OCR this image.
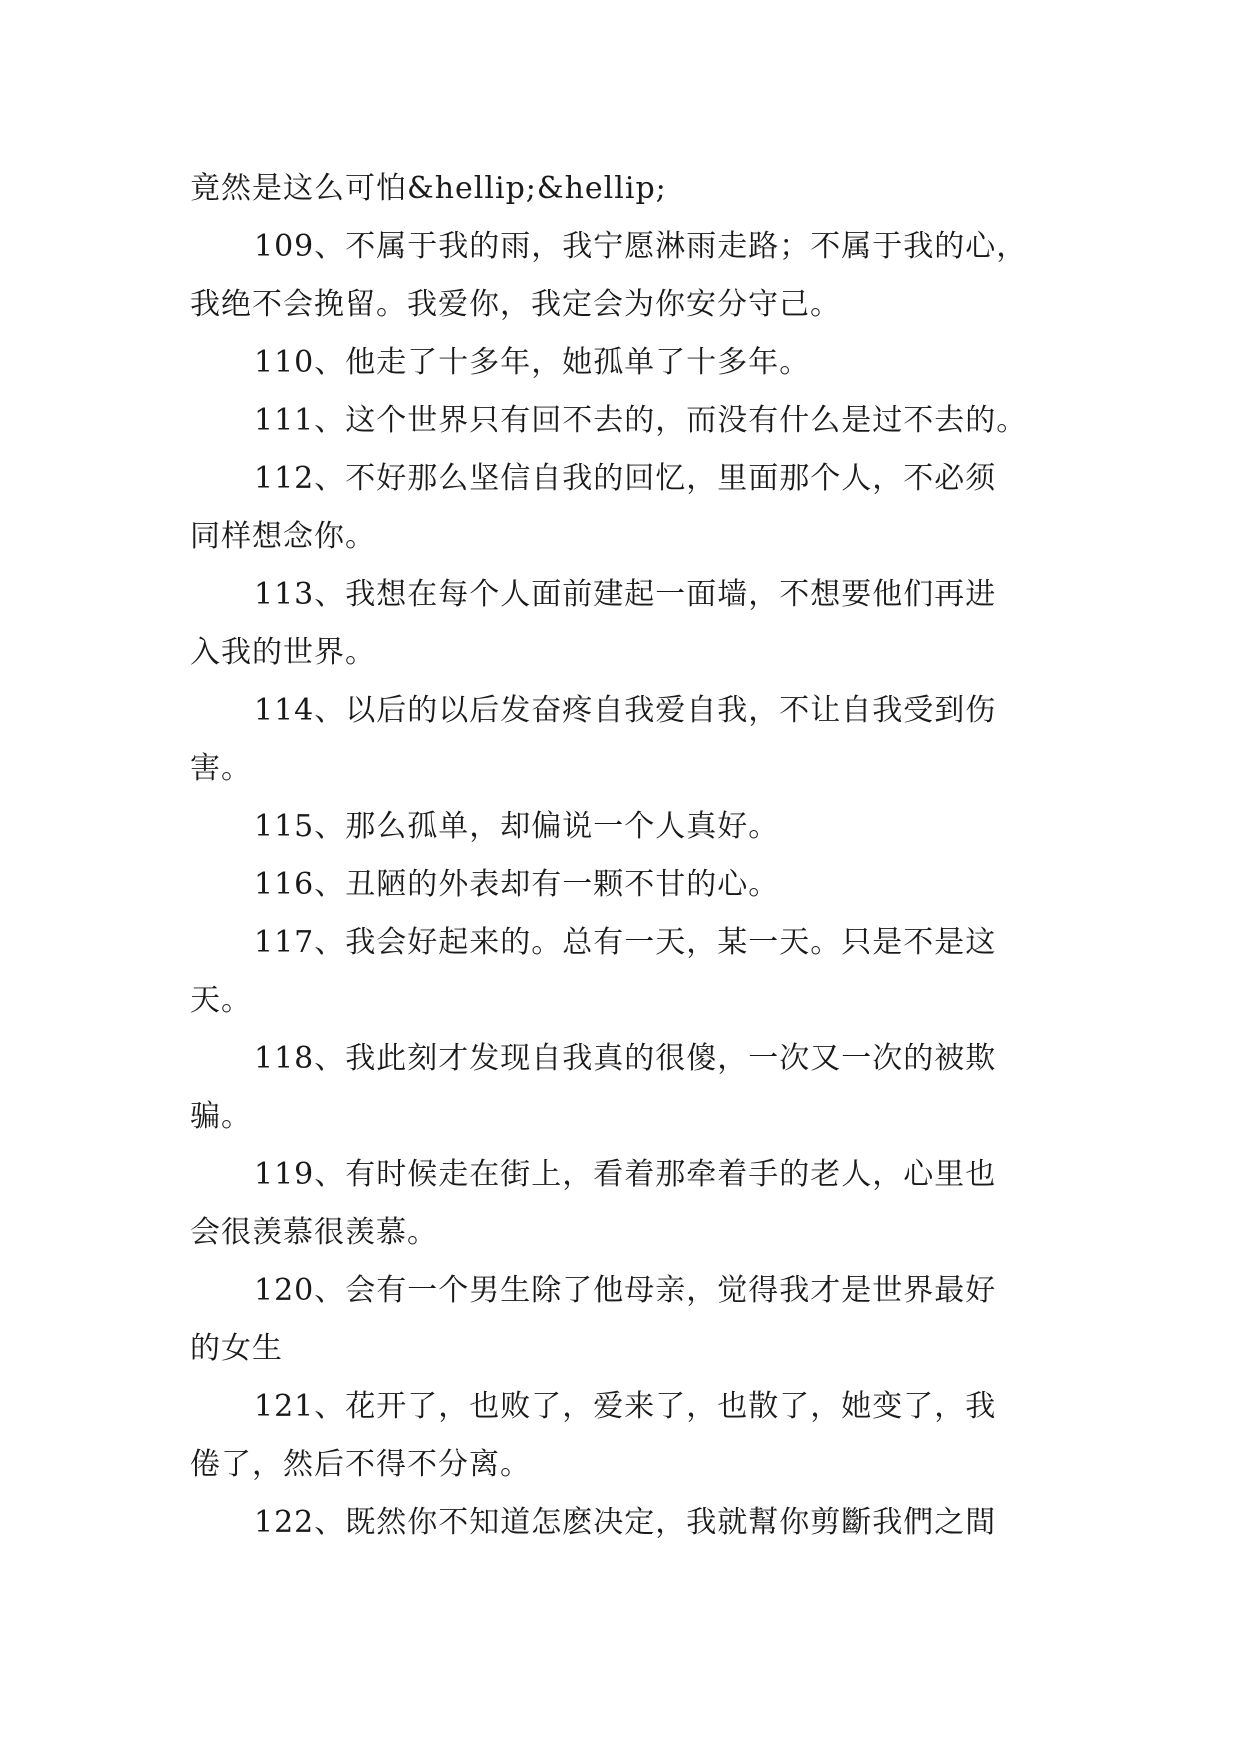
竟然是这么可怕&hellip;&hellip;
109、不属于我的雨，我宁愿淋雨走路；不属于我的心，
我绝不会挽留。我爱你，我定会为你安分守己。
110、他走了十多年，她孤单了十多年。
111、这个世界只有回不去的，而没有什么是过不去的。
112、不好那么坚信自我的回忆，里面那个人，不必须
同样想念你。
113、我想在每个人面前建起一面墙，不想要他们再进
入我的世界。
114、以后的以后发奋疼自我爱自我，不让自我受到伤
害。
115、那么孤单，却偏说一个人真好。
116、丑陋的外表却有一颗不甘的心。
117、我会好起来的。总有一天，某一天。只是不是这
天。
118、我此刻才发现自我真的很傻，一次又一次的被欺
骗。
119、有时候走在街上，看着那牵着手的老人，心里也
会很羡慕很羡慕。
120、会有一个男生除了他母亲，觉得我才是世界最好
的女生
121、花开了，也败了，爱来了，也散了，她变了，我
倦了，然后不得不分离。
122、既然你不知道怎麽决定，我就幫你剪斷我們之間
